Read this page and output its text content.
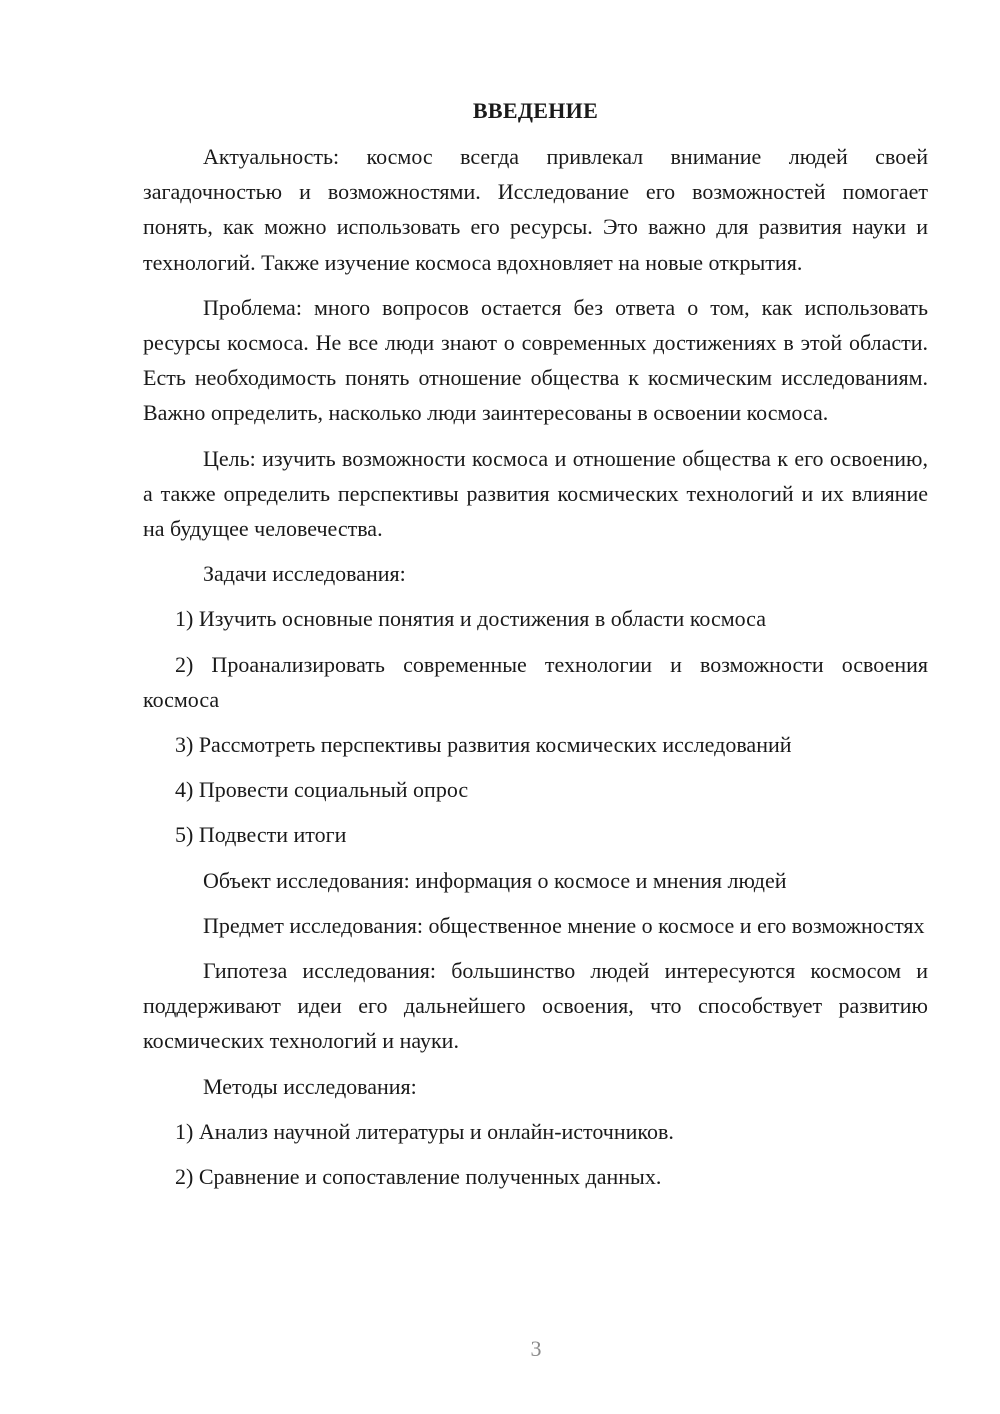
ВВЕДЕНИЕ

Актуальность: космос всегда привлекал внимание людей своей загадочностью и возможностями. Исследование его возможностей помогает понять, как можно использовать его ресурсы. Это важно для развития науки и технологий. Также изучение космоса вдохновляет на новые открытия.

Проблема: много вопросов остается без ответа о том, как использовать ресурсы космоса. Не все люди знают о современных достижениях в этой области. Есть необходимость понять отношение общества к космическим исследованиям. Важно определить, насколько люди заинтересованы в освоении космоса.

Цель: изучить возможности космоса и отношение общества к его освоению, а также определить перспективы развития космических технологий и их влияние на будущее человечества.

Задачи исследования:

1) Изучить основные понятия и достижения в области космоса

2) Проанализировать современные технологии и возможности освоения космоса

3) Рассмотреть перспективы развития космических исследований

4) Провести социальный опрос

5) Подвести итоги

Объект исследования: информация о космосе и мнения людей

Предмет исследования: общественное мнение о космосе и его возможностях

Гипотеза исследования: большинство людей интересуются космосом и поддерживают идеи его дальнейшего освоения, что способствует развитию космических технологий и науки.

Методы исследования:

1) Анализ научной литературы и онлайн-источников.

2) Сравнение и сопоставление полученных данных.

3
